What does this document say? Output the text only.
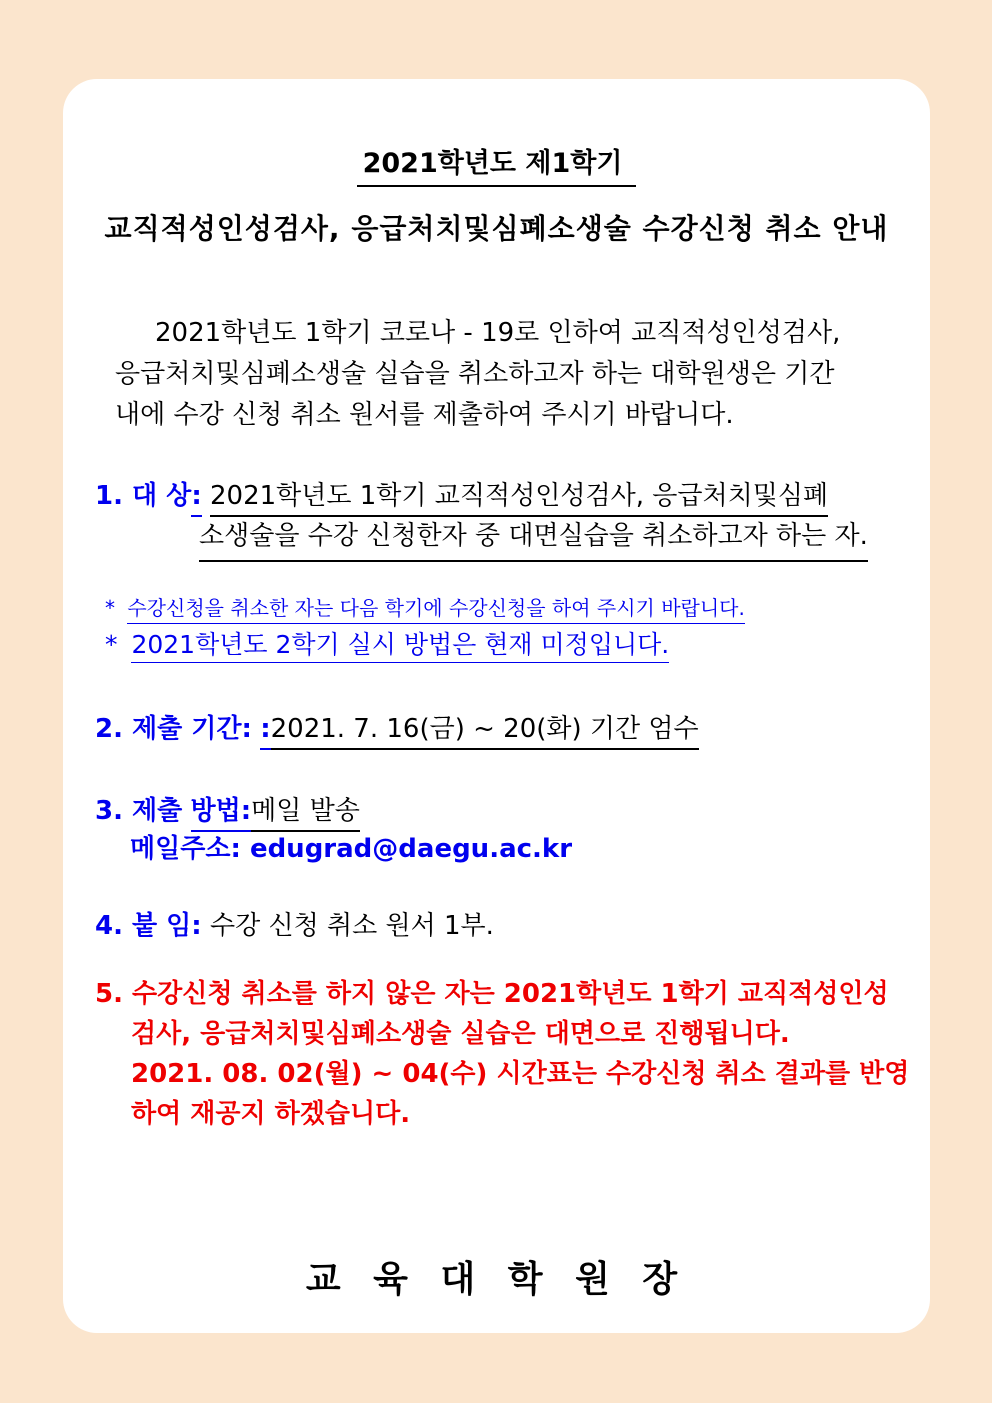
2021학년도 제1학기
교직적성인성검사, 응급처치및심폐소생술 수강신청 취소 안내
2021학년도 1학기 코로나 - 19로 인하여 교직적성인성검사,
응급처치및심폐소생술 실습을 취소하고자 하는 대학원생은 기간
내에 수강 신청 취소 원서를 제출하여 주시기 바랍니다.
1. 대 상: 2021학년도 1학기 교직적성인성검사, 응급처치및심폐
소생술을 수강 신청한자 중 대면실습을 취소하고자 하는 자.
* 수강신청을 취소한 자는 다음 학기에 수강신청을 하여 주시기 바랍니다.
* 2021학년도 2학기 실시 방법은 현재 미정입니다.
2. 제출 기간: :2021. 7. 16(금) ~ 20(화) 기간 엄수
3. 제출 방법:메일 발송
메일주소: edugrad@daegu.ac.kr
4. 붙 임: 수강 신청 취소 원서 1부.
5. 수강신청 취소를 하지 않은 자는 2021학년도 1학기 교직적성인성
검사, 응급처치및심폐소생술 실습은 대면으로 진행됩니다.
2021. 08. 02(월) ~ 04(수) 시간표는 수강신청 취소 결과를 반영
하여 재공지 하겠습니다.
교 육 대 학 원 장
